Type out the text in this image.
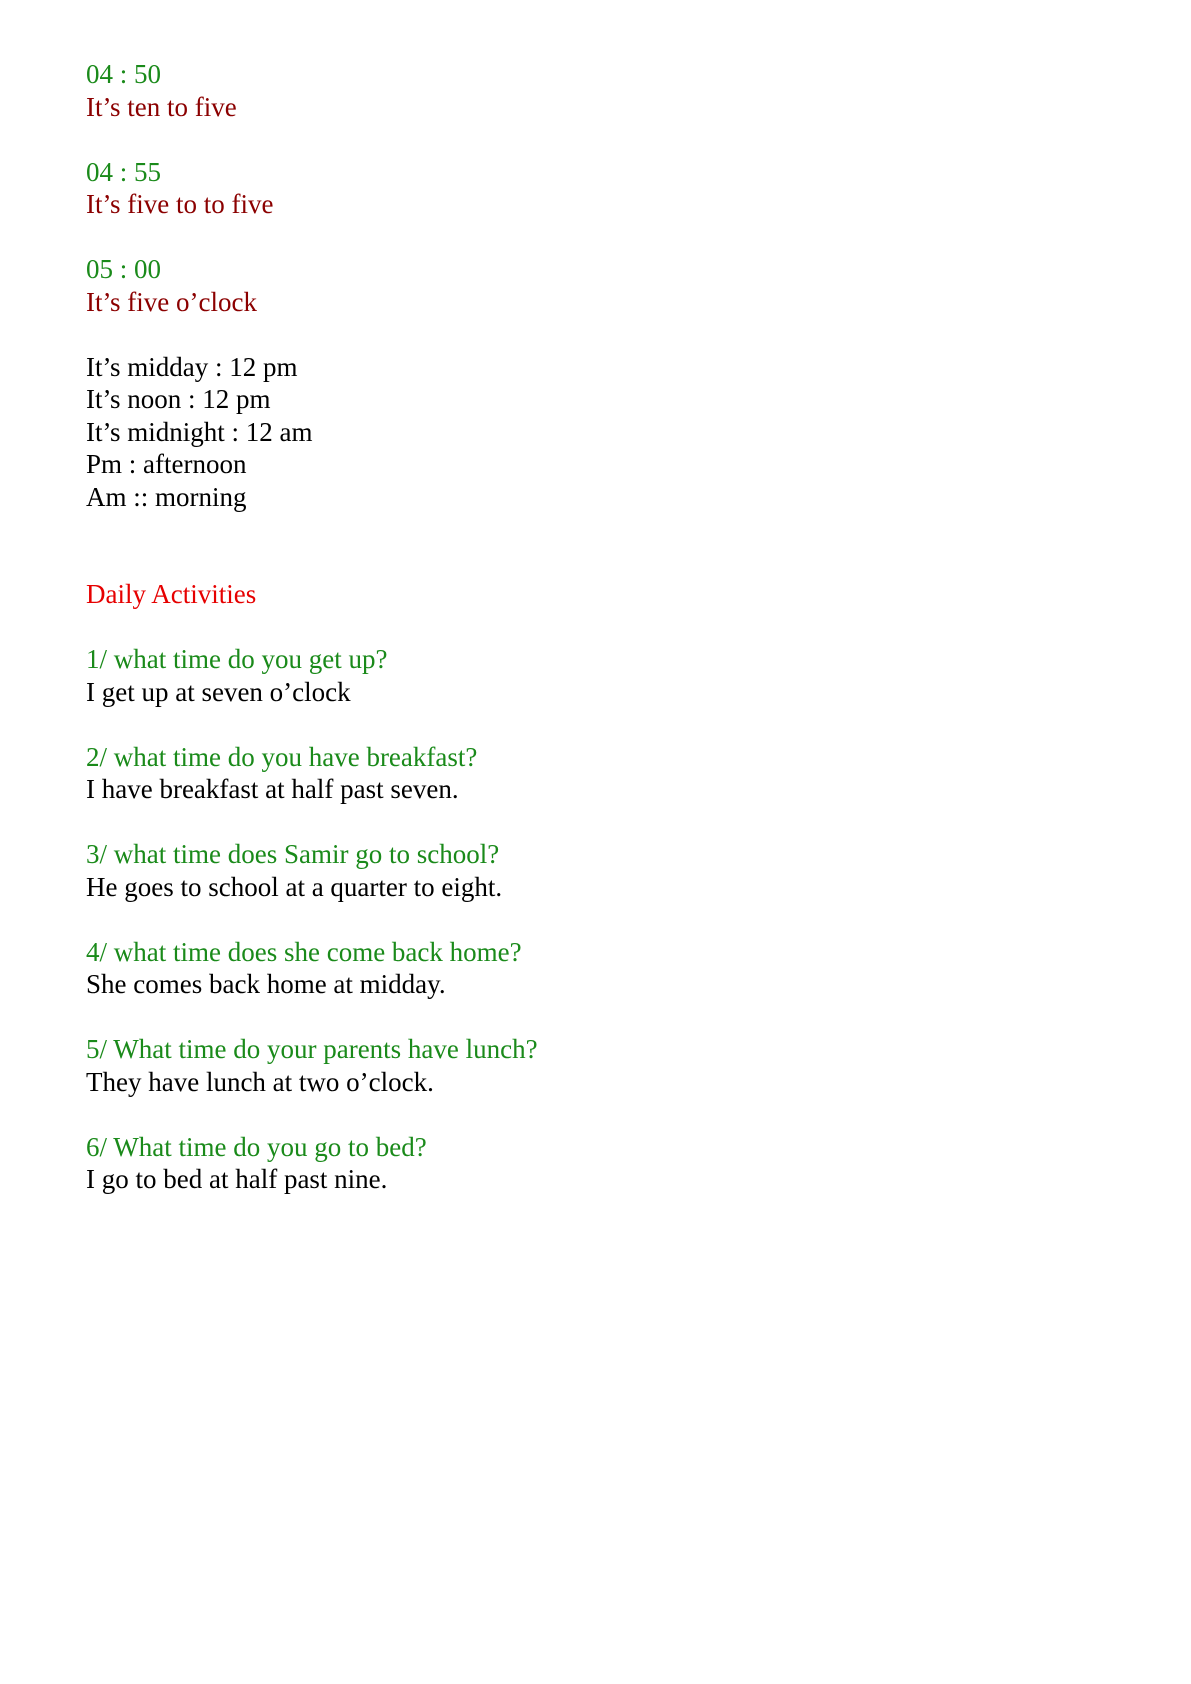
04 : 50
It’s ten to five
04 : 55
It’s five to to five
05 : 00
It’s five o’clock
It’s midday : 12 pm
It’s noon : 12 pm
It’s midnight : 12 am
Pm : afternoon
Am :: morning
Daily Activities
1/ what time do you get up?
I get up at seven o’clock
2/ what time do you have breakfast?
I have breakfast at half past seven.
3/ what time does Samir go to school?
He goes to school at a quarter to eight.
4/ what time does she come back home?
She comes back home at midday.
5/ What time do your parents have lunch?
They have lunch at two o’clock.
6/ What time do you go to bed?
I go to bed at half past nine.
